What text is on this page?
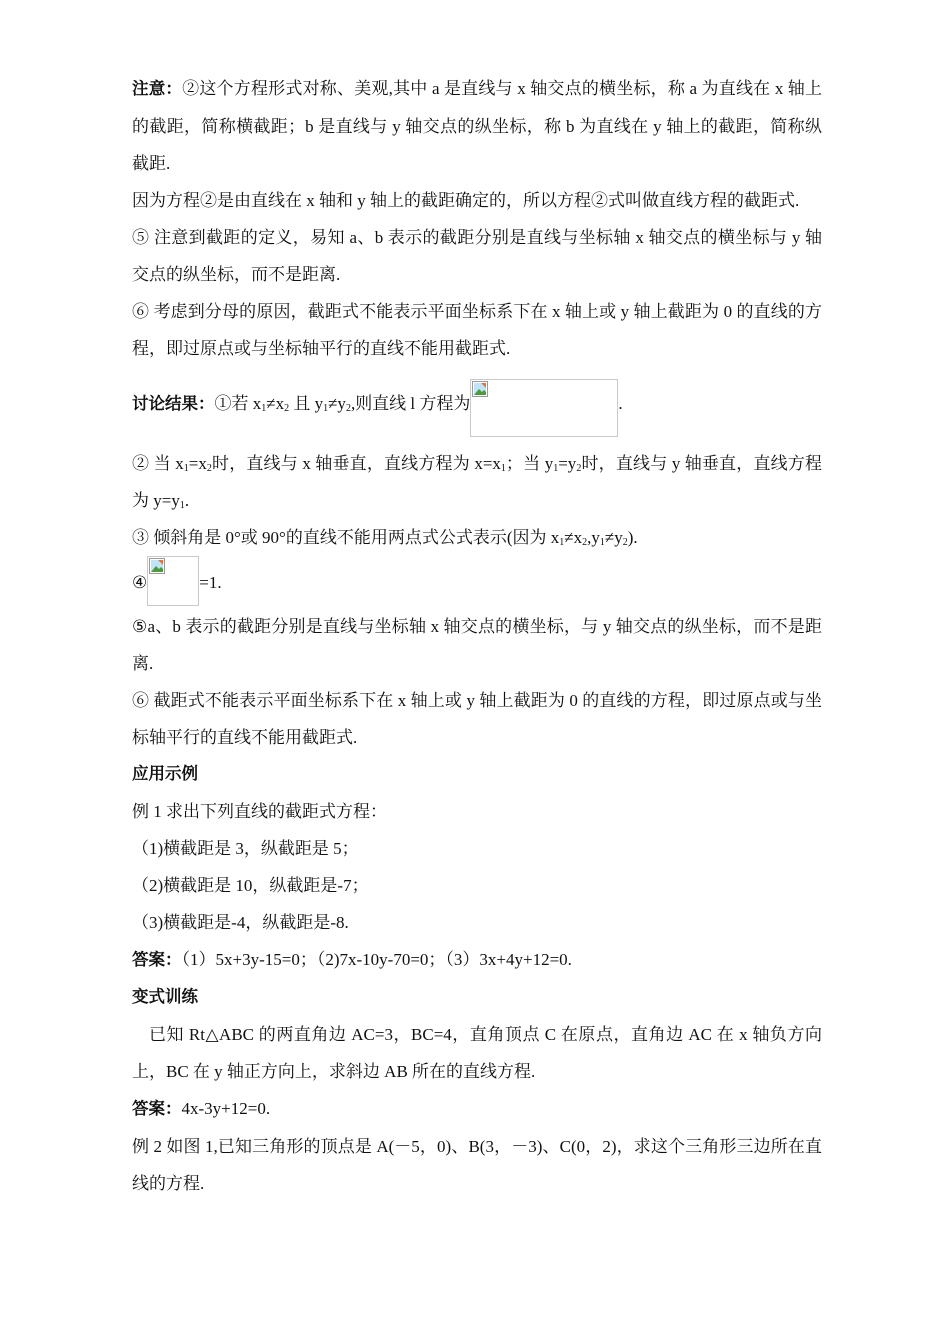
注意：②这个方程形式对称、美观,其中 a 是直线与 x 轴交点的横坐标，称 a 为直线在 x 轴上的截距，简称横截距；b 是直线与 y 轴交点的纵坐标，称 b 为直线在 y 轴上的截距，简称纵截距.

因为方程②是由直线在 x 轴和 y 轴上的截距确定的，所以方程②式叫做直线方程的截距式.

⑤ 注意到截距的定义，易知 a、b 表示的截距分别是直线与坐标轴 x 轴交点的横坐标与 y 轴交点的纵坐标，而不是距离.

⑥ 考虑到分母的原因，截距式不能表示平面坐标系下在 x 轴上或 y 轴上截距为 0 的直线的方程，即过原点或与坐标轴平行的直线不能用截距式.

讨论结果：①若 $x_1\ne x_2$ 且 $y_1\ne y_2$,则直线 l 方程为	.

② 当 $x_1=x_2$时，直线与 x 轴垂直，直线方程为 $x=x_1$；当 $y_1=y_2$时，直线与 y 轴垂直，直线方程为 $y=y_1$.

③ 倾斜角是 0°或 90°的直线不能用两点式公式表示(因为 $x_1\ne x_2,y_1\ne y_2$).

④	=1.

⑤a、b 表示的截距分别是直线与坐标轴 x 轴交点的横坐标，与 y 轴交点的纵坐标，而不是距离.

⑥ 截距式不能表示平面坐标系下在 x 轴上或 y 轴上截距为 0 的直线的方程，即过原点或与坐标轴平行的直线不能用截距式.

应用示例

例 1 求出下列直线的截距式方程：

（1)横截距是 3，纵截距是 5；

（2)横截距是 10，纵截距是-7；

（3)横截距是-4，纵截距是-8.

答案：（1）5x+3y-15=0；（2)7x-10y-70=0；（3）3x+4y+12=0.

变式训练

已知 Rt△ABC 的两直角边 AC=3，BC=4，直角顶点 C 在原点，直角边 AC 在 x 轴负方向上，BC 在 y 轴正方向上，求斜边 AB 所在的直线方程.

答案：4x-3y+12=0.

例 2 如图 1,已知三角形的顶点是 A(－5，0)、B(3，－3)、C(0，2)，求这个三角形三边所在直线的方程.
